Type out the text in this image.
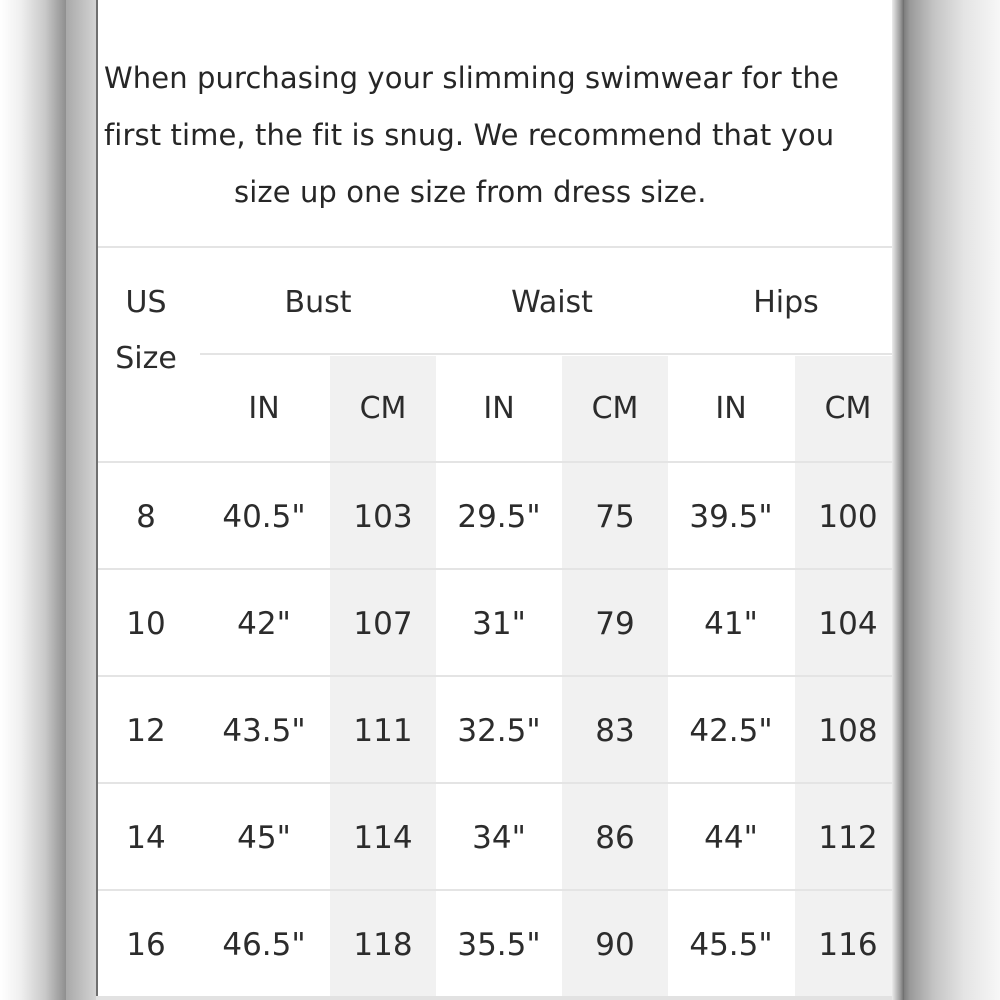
When purchasing your slimming swimwear for the
first time, the fit is snug. We recommend that you
size up one size from dress size.
US
Size
Bust	Waist	Hips
IN	CM	IN	CM	IN	CM
8 40.5" 103 29.5" 75 39.5" 100
10 42" 107 31" 79 41" 104
12 43.5" 111 32.5" 83 42.5" 108
14 45" 114 34" 86 44" 112
16 46.5" 118 35.5" 90 45.5" 116
